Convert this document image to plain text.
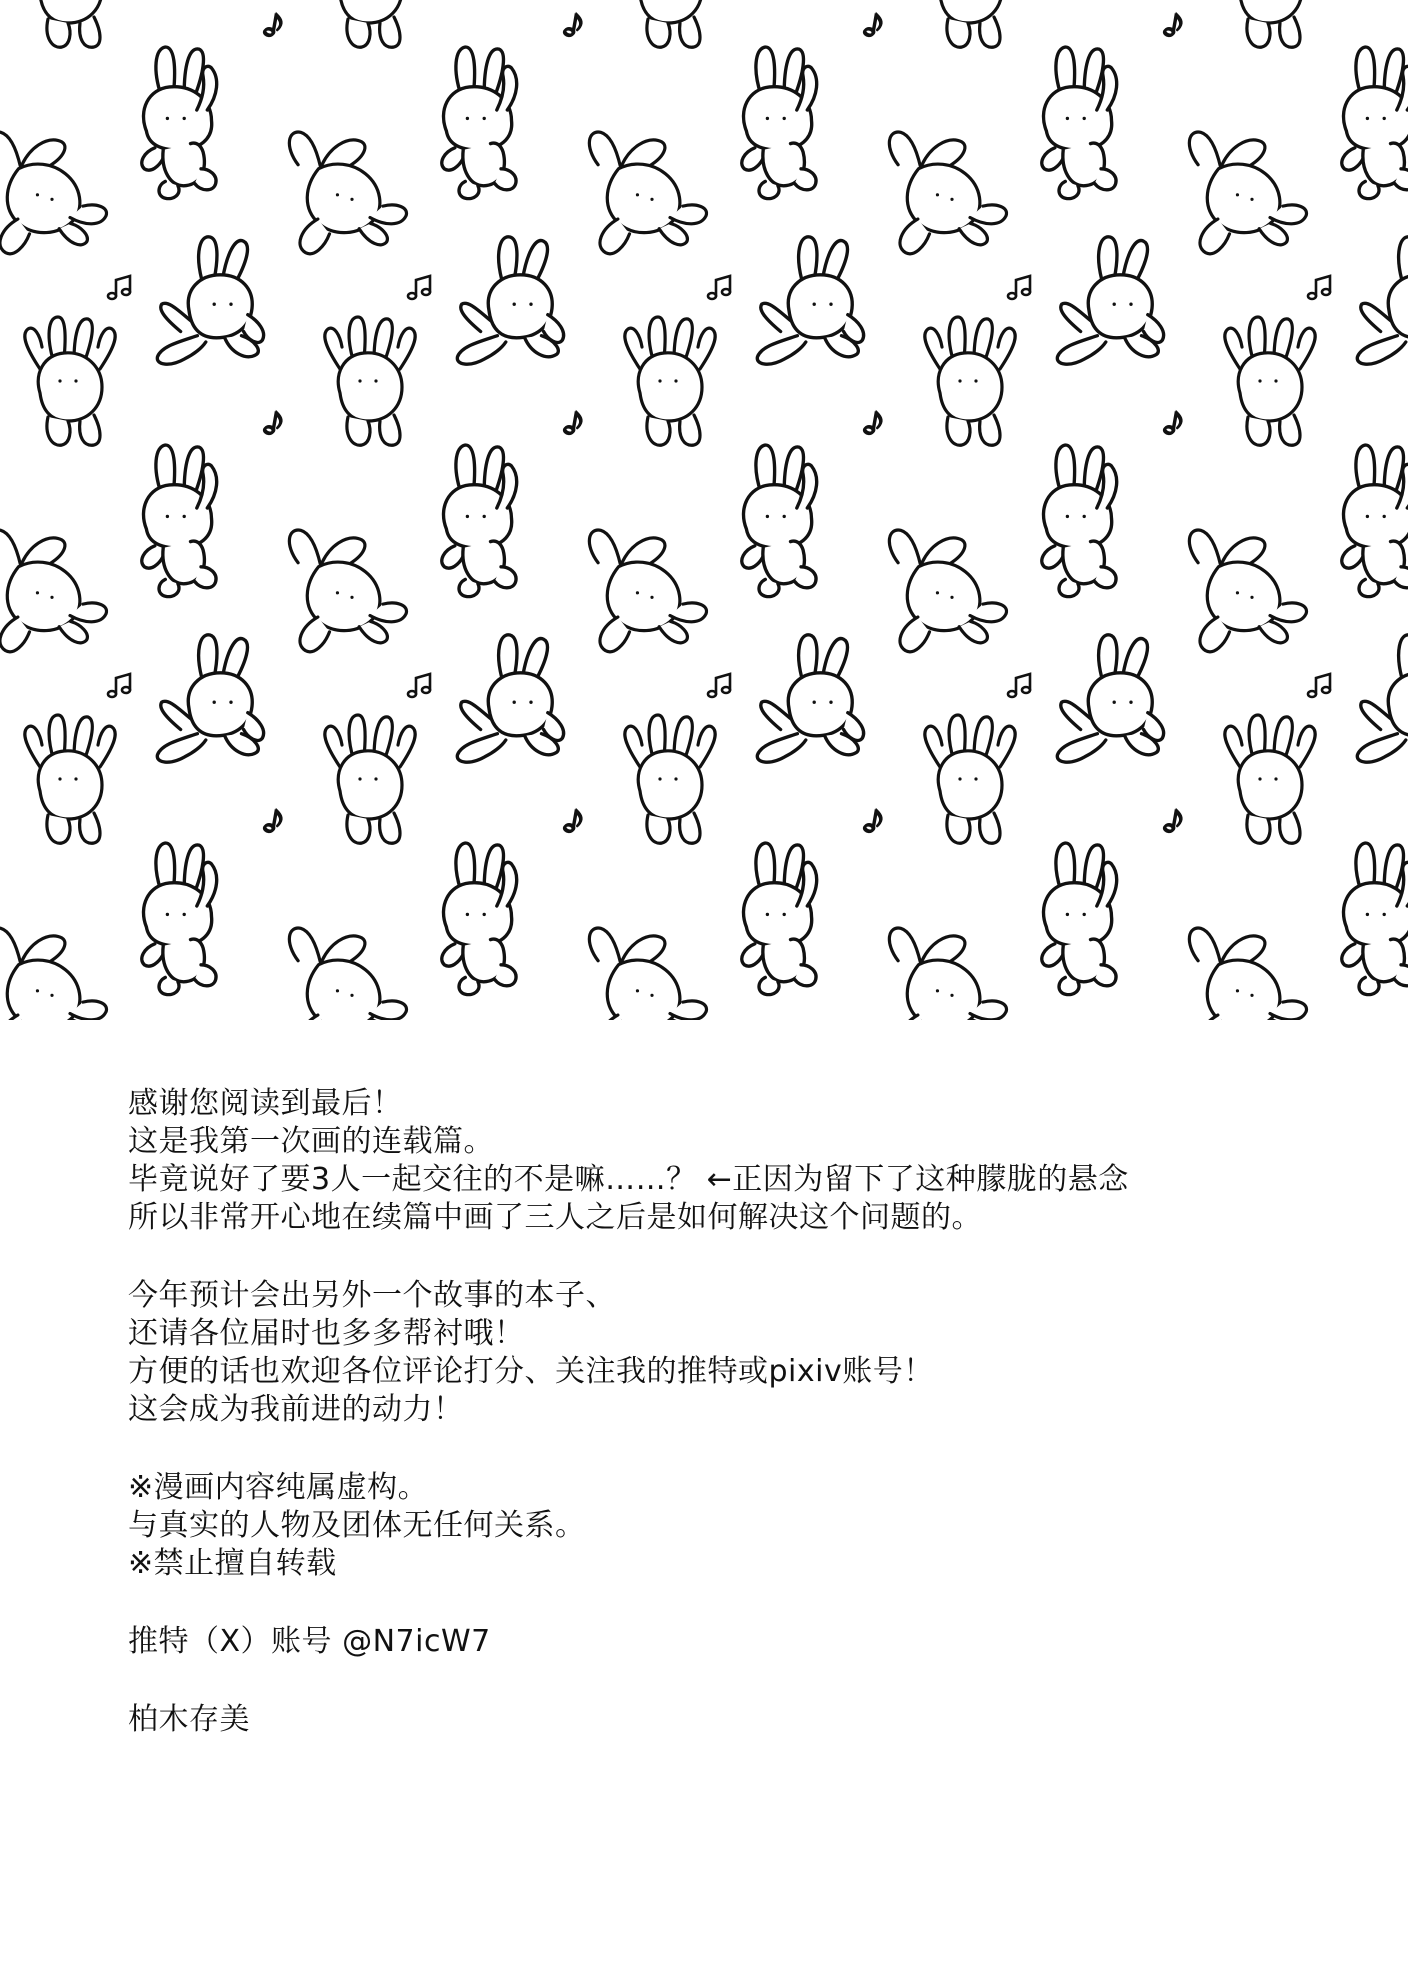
感谢您阅读到最后！
这是我第一次画的连载篇。
毕竟说好了要3人一起交往的不是嘛……？ ←正因为留下了这种朦胧的悬念
所以非常开心地在续篇中画了三人之后是如何解决这个问题的。
今年预计会出另外一个故事的本子、
还请各位届时也多多帮衬哦！
方便的话也欢迎各位评论打分、关注我的推特或pixiv账号！
这会成为我前进的动力！
※漫画内容纯属虚构。
与真实的人物及团体无任何关系。
※禁止擅自转载
推特（X）账号 @N7icW7
柏木存美
